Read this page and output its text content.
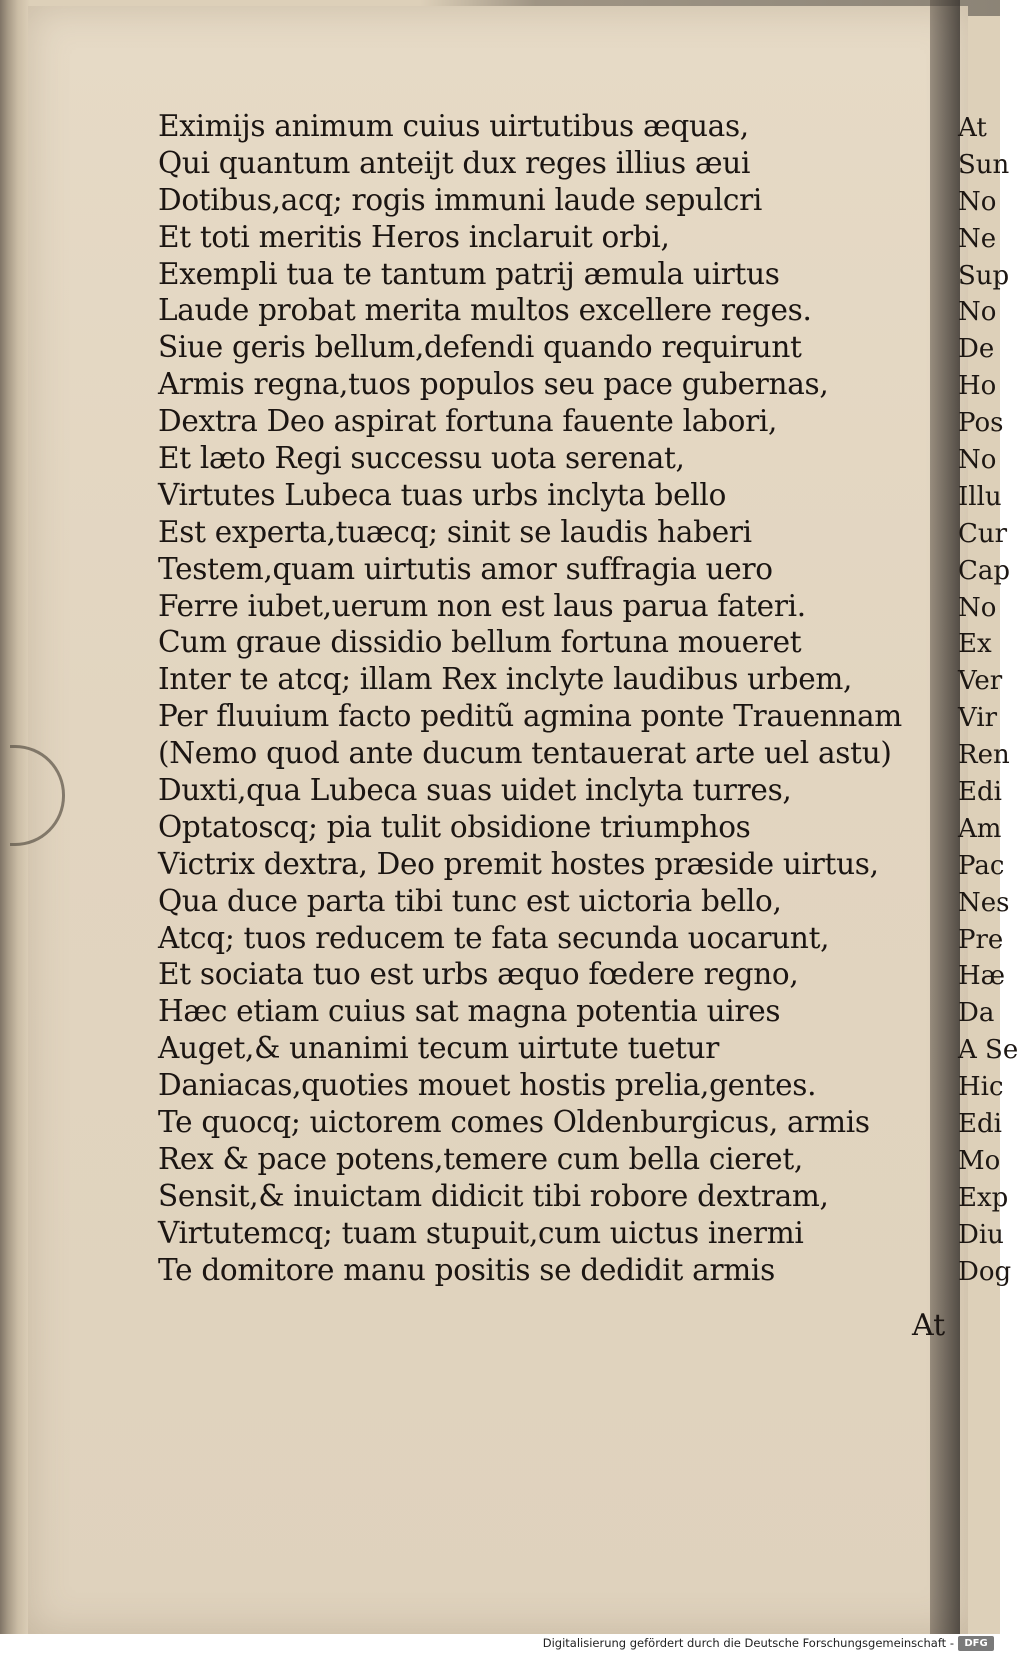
At
Sun
No
Ne
Sup
No
De
Ho
Pos
No
Illu
Cur
Cap
No
Ex
Ver
Vir
Ren
Edi
Am
Pac
Nes
Pre
Hæ
Da
A Se
Hic
Edi
Mo
Exp
Diu
Dog
Eximijs animum cuius uirtutibus æquas,
Qui quantum anteijt dux reges illius æui
Dotibus,acq; rogis immuni laude sepulcri
Et toti meritis Heros inclaruit orbi,
Exempli tua te tantum patrij æmula uirtus
Laude probat merita multos excellere reges.
Siue geris bellum,defendi quando requirunt
Armis regna,tuos populos seu pace gubernas,
Dextra Deo aspirat fortuna fauente labori,
Et læto Regi successu uota serenat,
Virtutes Lubeca tuas urbs inclyta bello
Est experta,tuæcq; sinit se laudis haberi
Testem,quam uirtutis amor suffragia uero
Ferre iubet,uerum non est laus parua fateri.
Cum graue dissidio bellum fortuna moueret
Inter te atcq; illam Rex inclyte laudibus urbem,
Per fluuium facto peditũ agmina ponte Trauennam
(Nemo quod ante ducum tentauerat arte uel astu)
Duxti,qua Lubeca suas uidet inclyta turres,
Optatoscq; pia tulit obsidione triumphos
Victrix dextra, Deo premit hostes præside uirtus,
Qua duce parta tibi tunc est uictoria bello,
Atcq; tuos reducem te fata secunda uocarunt,
Et sociata tuo est urbs æquo fœdere regno,
Hæc etiam cuius sat magna potentia uires
Auget,& unanimi tecum uirtute tuetur
Daniacas,quoties mouet hostis prelia,gentes.
Te quocq; uictorem comes Oldenburgicus, armis
Rex & pace potens,temere cum bella cieret,
Sensit,& inuictam didicit tibi robore dextram,
Virtutemcq; tuam stupuit,cum uictus inermi
Te domitore manu positis se dedidit armis
At
Digitalisierung gefördert durch die Deutsche Forschungsgemeinschaft -	DFG
